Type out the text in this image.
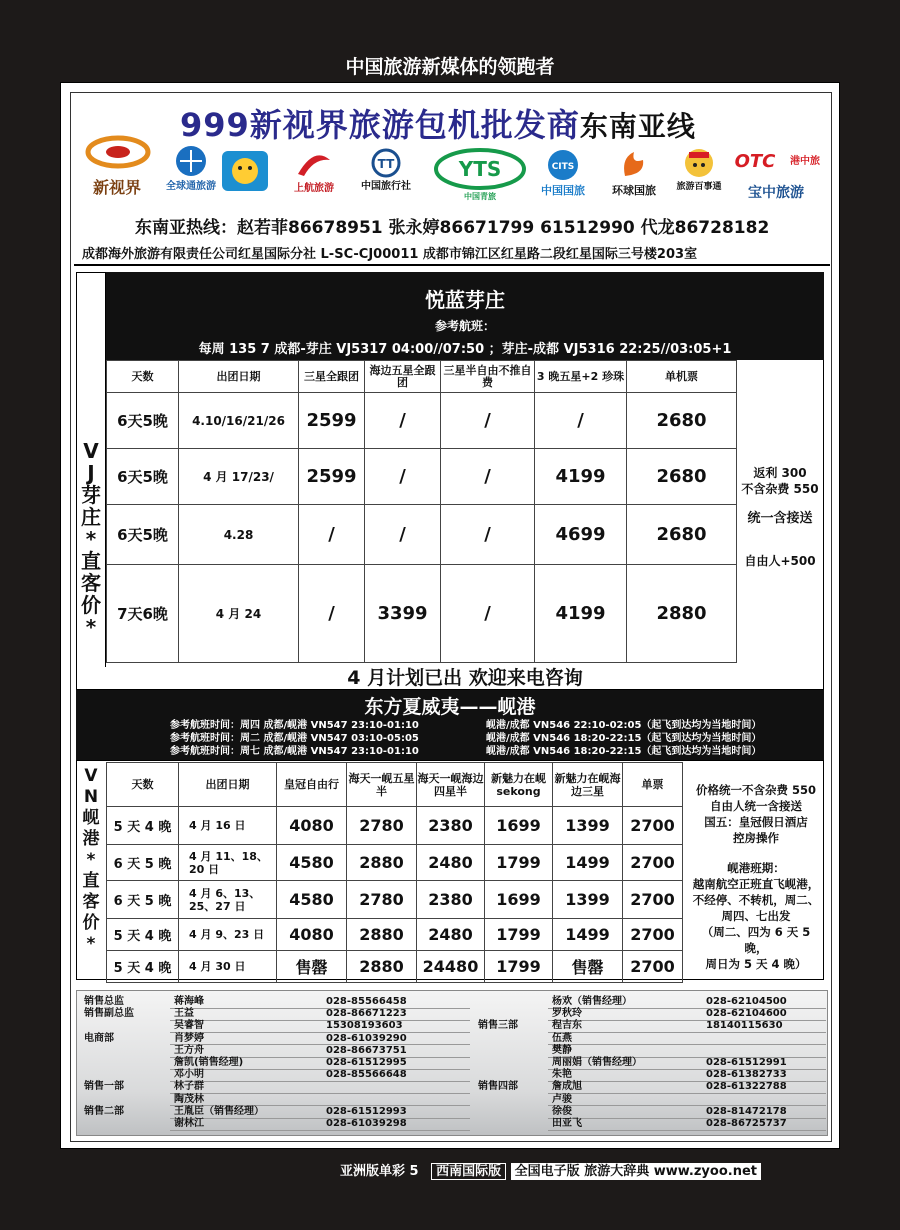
中国旅游新媒体的领跑者
999新视界旅游包机批发商东南亚线
新视界	全球通旅游	上航旅游
TT
中国旅行社
YTS
中国青旅
CITS
中国国旅	环球国旅	旅游百事通
OTC	港中旅
宝中旅游
东南亚热线：赵若菲86678951 张永婷86671799 61512990 代龙86728182
成都海外旅游有限责任公司红星国际分社 L-SC-CJ00011 成都市锦江区红星路二段红星国际三号楼203室
V
J
芽
庄
*
直
客
价
*
悦蓝芽庄
参考航班：
每周 135 7 成都-芽庄 VJ5317 04:00//07:50 ；芽庄-成都 VJ5316 22:25//03:05+1
天数	出团日期	三星全跟团	海边五星全跟团	三星半自由不推自费	3 晚五星+2 珍珠	单机票
6天5晚	4.10/16/21/26	2599	/	/	/	2680
6天5晚	4 月 17/23/	2599	/	/	4199	2680
6天5晚	4.28	/	/	/	4699	2680
7天6晚	4 月 24	/	3399	/	4199	2880
返利 300
不含杂费 550
统一含接送
自由人+500
4 月计划已出 欢迎来电咨询
东方夏威夷——岘港
参考航班时间：周四 成都/岘港 VN547 23:10-01:10
参考航班时间：周二 成都/岘港 VN547 03:10-05:05
参考航班时间：周七 成都/岘港 VN547 23:10-01:10
岘港/成都 VN546 22:10-02:05（起飞到达均为当地时间）
岘港/成都 VN546 18:20-22:15（起飞到达均为当地时间）
岘港/成都 VN546 18:20-22:15（起飞到达均为当地时间）
V
N
岘
港
*
直
客
价
*
天数	出团日期	皇冠自由行	海天一岘五星半	海天一岘海边四星半	新魅力在岘sekong	新魅力在岘海边三星	单票
5 天 4 晚	4 月 16 日	4080	2780	2380	1699	1399	2700
6 天 5 晚	4 月 11、18、20 日	4580	2880	2480	1799	1499	2700
6 天 5 晚	4 月 6、13、25、27 日	4580	2780	2380	1699	1399	2700
5 天 4 晚	4 月 9、23 日	4080	2880	2480	1799	1499	2700
5 天 4 晚	4 月 30 日	售罄	2880	24480	1799	售罄	2700
价格统一不含杂费 550
自由人统一含接送
国五：皇冠假日酒店
控房操作
岘港班期：
越南航空正班直飞岘港，
不经停、不转机，周二、
周四、七出发
（周二、四为 6 天 5 晚，
周日为 5 天 4 晚）
销售总监	蒋海峰	028-85566458
销售副总监	王益	028-86671223
吴睿智	15308193603
电商部	肖梦婷	028-61039290
王方舟	028-86673751
詹凯(销售经理)	028-61512995
邓小明	028-85566648
销售一部	林子群
陶茂林
销售二部	王胤臣（销售经理）	028-61512993
谢林江	028-61039298
杨欢（销售经理）	028-62104500
罗秋玲	028-62104600
销售三部	程吉东	18140115630
伍燕
樊静
周丽娟（销售经理）	028-61512991
朱艳	028-61382733
销售四部	詹成旭	028-61322788
卢骏
徐俊	028-81472178
田亚飞	028-86725737
亚洲版单彩 5 西南国际版 全国电子版 旅游大辞典 www.zyoo.net
